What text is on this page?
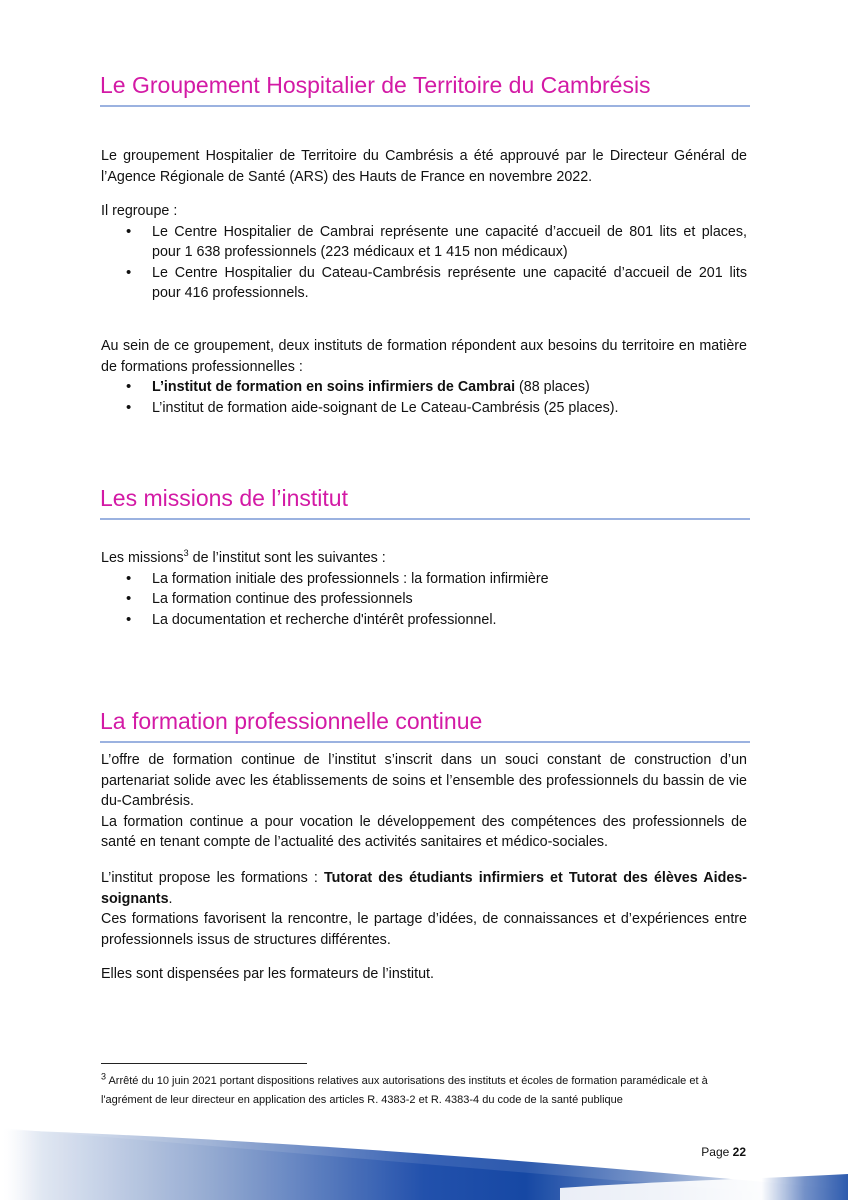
Le Groupement Hospitalier de Territoire du Cambrésis

Le groupement Hospitalier de Territoire du Cambrésis a été approuvé par le Directeur Général de l’Agence Régionale de Santé (ARS) des Hauts de France en novembre 2022.

Il regroupe :

• Le Centre Hospitalier de Cambrai représente une capacité d’accueil de 801 lits et places, pour 1 638 professionnels (223 médicaux et 1 415 non médicaux)
• Le Centre Hospitalier du Cateau-Cambrésis représente une capacité d’accueil de 201 lits pour 416 professionnels.

Au sein de ce groupement, deux instituts de formation répondent aux besoins du territoire en matière de formations professionnelles :

• L’institut de formation en soins infirmiers de Cambrai (88 places)
• L’institut de formation aide-soignant de Le Cateau-Cambrésis (25 places).
Les missions de l’institut

Les missions$^3$ de l’institut sont les suivantes :

• La formation initiale des professionnels : la formation infirmière
• La formation continue des professionnels
• La documentation et recherche d'intérêt professionnel.
La formation professionnelle continue

L’offre de formation continue de l’institut s’inscrit dans un souci constant de construction d’un partenariat solide avec les établissements de soins et l’ensemble des professionnels du bassin de vie du-Cambrésis.

La formation continue a pour vocation le développement des compétences des professionnels de santé en tenant compte de l’actualité des activités sanitaires et médico-sociales.

L’institut propose les formations : Tutorat des étudiants infirmiers et Tutorat des élèves Aides-soignants.

Ces formations favorisent la rencontre, le partage d’idées, de connaissances et d’expériences entre professionnels issus de structures différentes.

Elles sont dispensées par les formateurs de l’institut.

$^3$ Arrêté du 10 juin 2021 portant dispositions relatives aux autorisations des instituts et écoles de formation paramédicale et à l'agrément de leur directeur en application des articles R. 4383-2 et R. 4383-4 du code de la santé publique
Page 22
